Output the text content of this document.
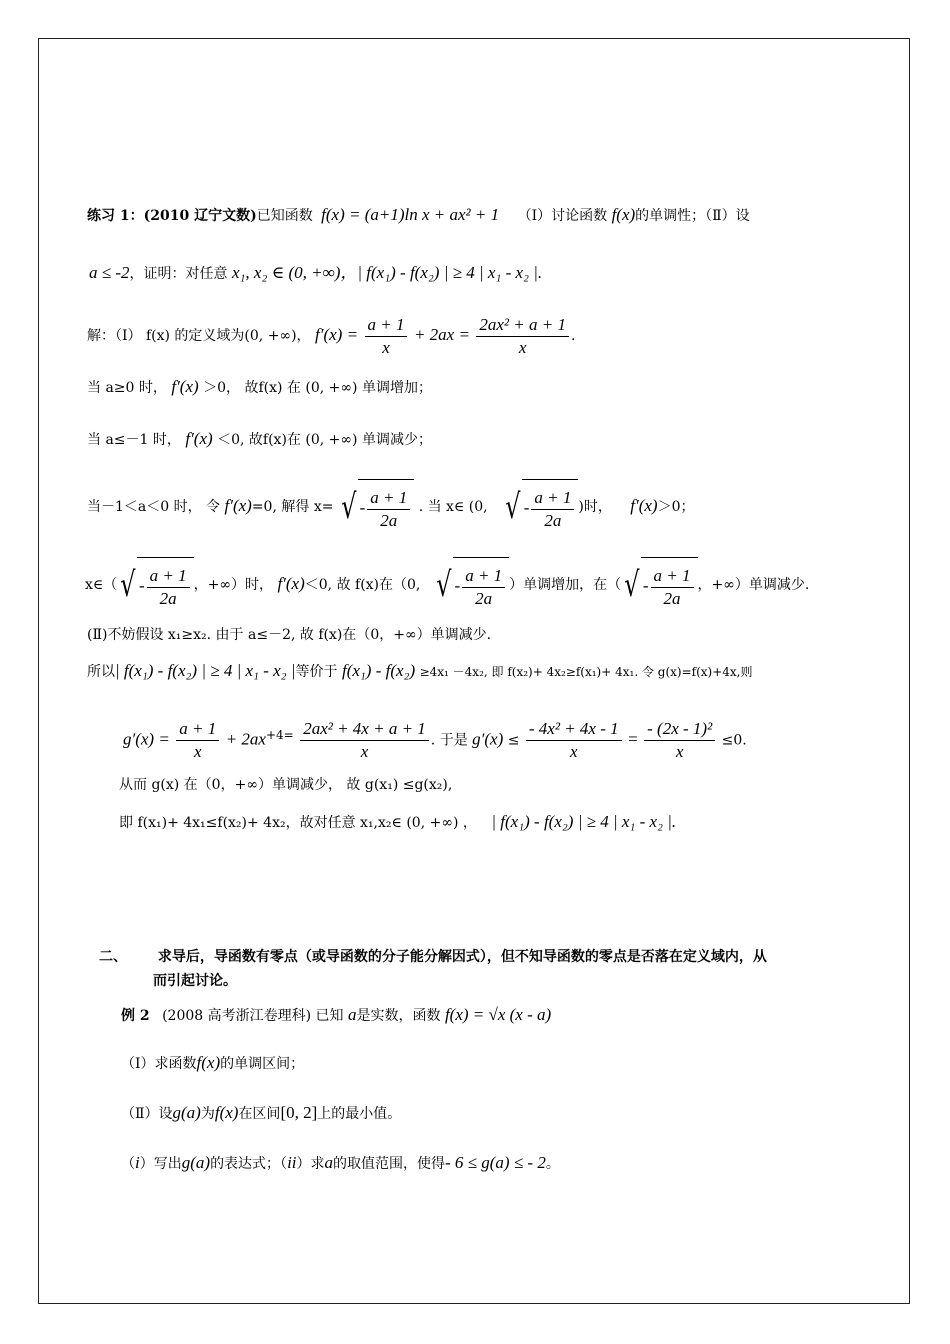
练习 1：(2010 辽宁文数)已知函数 f(x) = (a+1)ln x + ax² + 1 （Ⅰ）讨论函数 f(x)的单调性；（Ⅱ）设
a ≤ -2，证明：对任意 x₁, x₂ ∈ (0, +∞)，| f(x₁) - f(x₂) | ≥ 4 | x₁ - x₂ |.
解：（Ⅰ） f(x) 的定义域为(0, +∞)， $f'(x) = \frac{a + 1}{x} + 2ax = \frac{\text{2ax² + a + 1}}{x}$ .
当 a≥0 时， f′(x) ＞0， 故f(x) 在 (0, +∞) 单调增加；
当 a≤－1 时， f′(x) ＜0, 故f(x)在 (0, +∞) 单调减少；
当－1＜a＜0 时， 令 f′(x)=0, 解得 x= √ - $\frac{a + 1}{2a}$ . 当 x∈ (0, √ - $\frac{a + 1}{2a}$ )时， f′(x)＞0；
x∈（√ - $\frac{a + 1}{2a}$ ，+∞）时， f′(x)＜0, 故 f(x)在（0, √ - $\frac{a + 1}{2a}$ ）单调增加，在（√ - $\frac{a + 1}{2a}$ ，+∞）单调减少.
(Ⅱ)不妨假设 x₁≥x₂. 由于 a≤－2, 故 f(x)在（0，+∞）单调减少.
所以| f(x₁) - f(x₂) | ≥ 4 | x₁ - x₂ |等价于 f(x₁) - f(x₂) ≥4x₁ －4x₂, 即 f(x₂)+ 4x₂≥f(x₁)+ 4x₁. 令 g(x)=f(x)+4x,则
$g'(x) = \frac{a + 1}{x} + 2ax^{+4=} \frac{\text{2ax² + 4x + a + 1}}{x}$ . 于是 $g'(x) \le \frac{\text{- 4x² + 4x - 1}}{x} = \frac{\text{- (2x - 1)²}}{x} \le 0$.
从而 g(x) 在（0，+∞）单调减少， 故 g(x₁) ≤g(x₂),
即 f(x₁)+ 4x₁≤f(x₂)+ 4x₂，故对任意 x₁,x₂∈ (0, +∞) ， | f(x₁) - f(x₂) | ≥ 4 | x₁ - x₂ |.
二、 求导后，导函数有零点（或导函数的分子能分解因式），但不知导函数的零点是否落在定义域内，从
而引起讨论。
例 2 (2008 高考浙江卷理科) 已知 a是实数，函数 f(x) = √x (x - a)
（Ⅰ）求函数f(x)的单调区间；
（Ⅱ）设g(a)为f(x)在区间[0, 2]上的最小值。
（i）写出g(a)的表达式；（ii）求a的取值范围，使得- 6 ≤ g(a) ≤ - 2。
